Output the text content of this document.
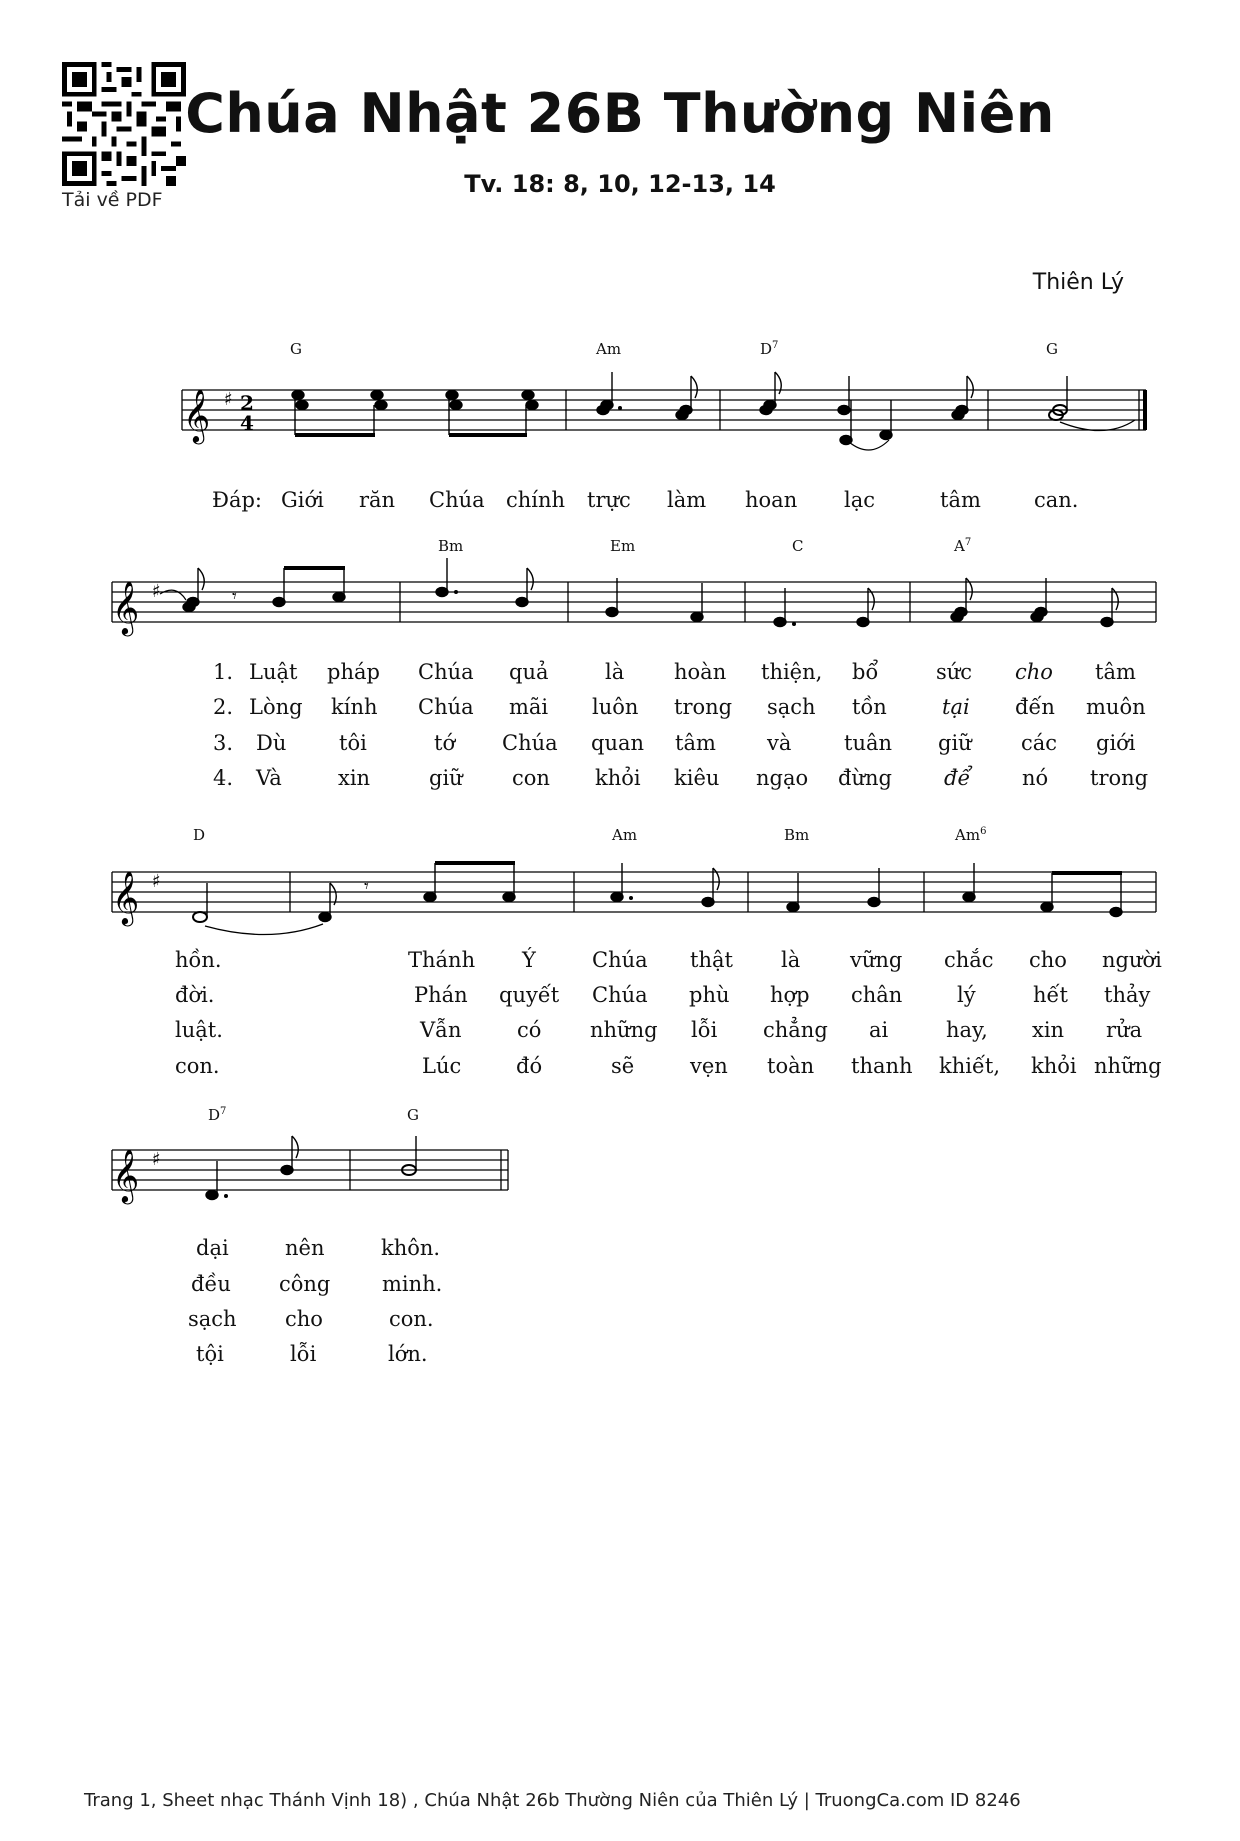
Tải về PDF
Chúa Nhật 26B Thường Niên
Tv. 18: 8, 10, 12-13, 14
Thiên Lý
G	Am	$D^7$	G
𝄞 ♯ 2
4
Đáp: Giới răn Chúa chính trực làm hoan lạc	tâm	can.
Bm	Em	C	$A^7$
𝄞 ♯	𝄾
1. Luật pháp Chúa quả	là hoàn thiện, bổ	sức cho tâm
2. Lòng kính Chúa mãi luôn trong sạch tồn	tại đến muôn
3. Dù	tôi	tớ Chúa quan tâm và	tuân giữ các giới
4. Và	xin	giữ con khỏi kiêu ngạo đừng để nó trong
D	Am	Bm	Am$^6$
𝄞 ♯	𝄾
hồn.	Thánh Ý	Chúa thật là vững chắc cho người
đời.	Phán quyết Chúa phù hợp chân	lý	hết thảy
luật.	Vẫn	có những lỗi chẳng ai	hay, xin rửa
con.	Lúc	đó	sẽ	vẹn toàn thanh khiết, khỏi những
$D^7$	G
𝄞 ♯
dại	nên	khôn.
đều công minh.
sạch cho	con.
tội	lỗi	lớn.
Trang 1, Sheet nhạc Thánh Vịnh 18) , Chúa Nhật 26b Thường Niên của Thiên Lý | TruongCa.com ID 8246
